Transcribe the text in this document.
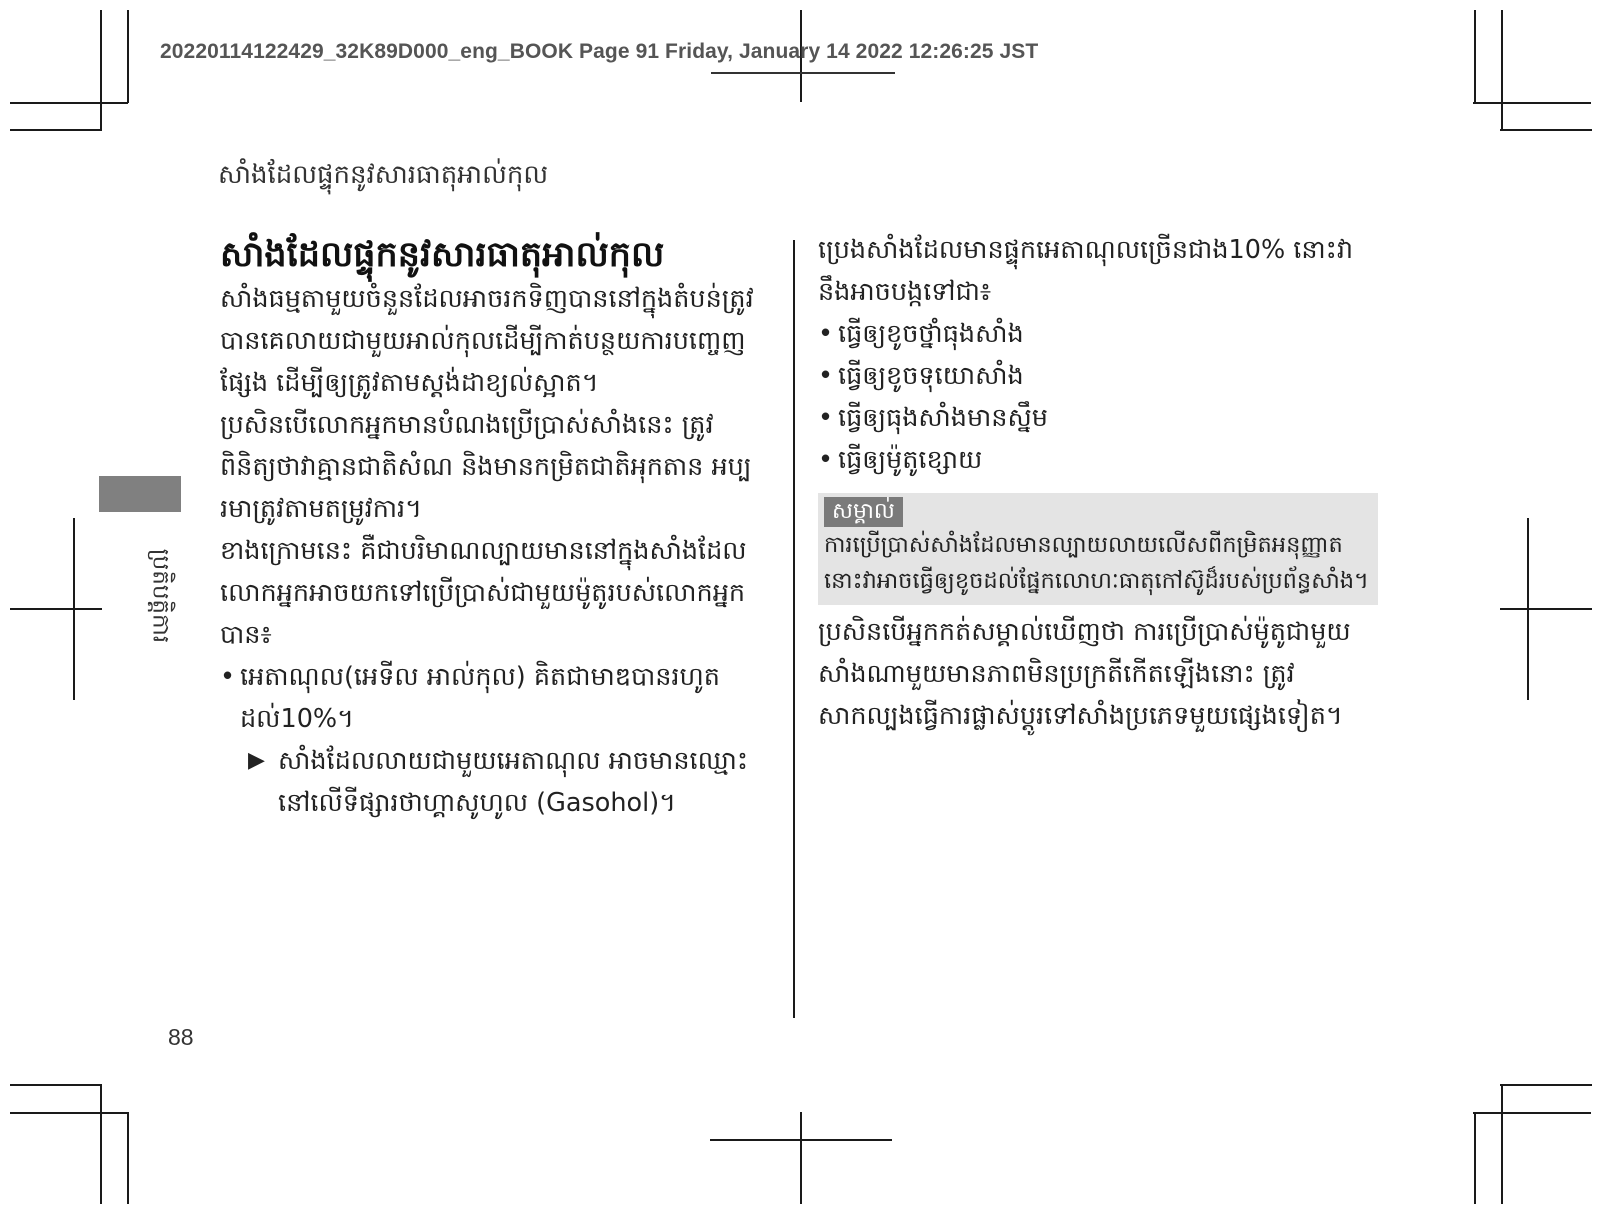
20220114122429_32K89D000_eng_BOOK Page 91 Friday, January 14 2022 12:26:25 JST
សាំងដែលផ្ទុកនូវសារធាតុអាល់កុល
ប្រតិបត្តិការ
សាំងដែលផ្ទុកនូវសារធាតុអាល់កុល

សាំងធម្មតាមួយចំនួនដែលអាចរកទិញបាននៅក្នុងតំបន់ត្រូវបានគេលាយជាមួយអាល់កុលដើម្បីកាត់បន្ថយការបញ្ចេញផ្សែង ដើម្បីឲ្យត្រូវតាមស្តង់ដាខ្យល់ស្អាត។

ប្រសិនបើលោកអ្នកមានបំណងប្រើប្រាស់សាំងនេះ ត្រូវពិនិត្យថាវាគ្មានជាតិសំណ និងមានកម្រិតជាតិអុកតាន អប្បរមាត្រូវតាមតម្រូវការ។

ខាងក្រោមនេះ គឺជាបរិមាណល្បាយមាននៅក្នុងសាំងដែលលោកអ្នកអាចយកទៅប្រើប្រាស់ជាមួយម៉ូតូរបស់លោកអ្នកបាន៖

• អេតាណុល(អេទីល អាល់កុល) គិតជាមាឌបានរហូតដល់10%។
▶ សាំងដែលលាយជាមួយអេតាណុល អាចមានឈ្មោះនៅលើទីផ្សារថាហ្គាសូហូល (Gasohol)។

ប្រេងសាំងដែលមានផ្ទុកអេតាណុលច្រើនជាង10% នោះវានឹងអាចបង្កទៅជា៖

• ធ្វើឲ្យខូចថ្នាំធុងសាំង
• ធ្វើឲ្យខូចទុយោសាំង
• ធ្វើឲ្យធុងសាំងមានស្នឹម
• ធ្វើឲ្យម៉ូតូខ្សោយ
សម្គាល់

ការប្រើប្រាស់សាំងដែលមានល្បាយលាយលើសពីកម្រិតអនុញ្ញាត នោះវាអាចធ្វើឲ្យខូចដល់ផ្នែកលោហៈធាតុកៅស៊ូដ៏របស់ប្រព័ន្ធសាំង។

ប្រសិនបើអ្នកកត់សម្គាល់ឃើញថា ការប្រើប្រាស់ម៉ូតូជាមួយសាំងណាមួយមានភាពមិនប្រក្រតីកើតឡើងនោះ ត្រូវសាកល្បងធ្វើការផ្លាស់ប្តូរទៅសាំងប្រភេទមួយផ្សេងទៀត។

88
